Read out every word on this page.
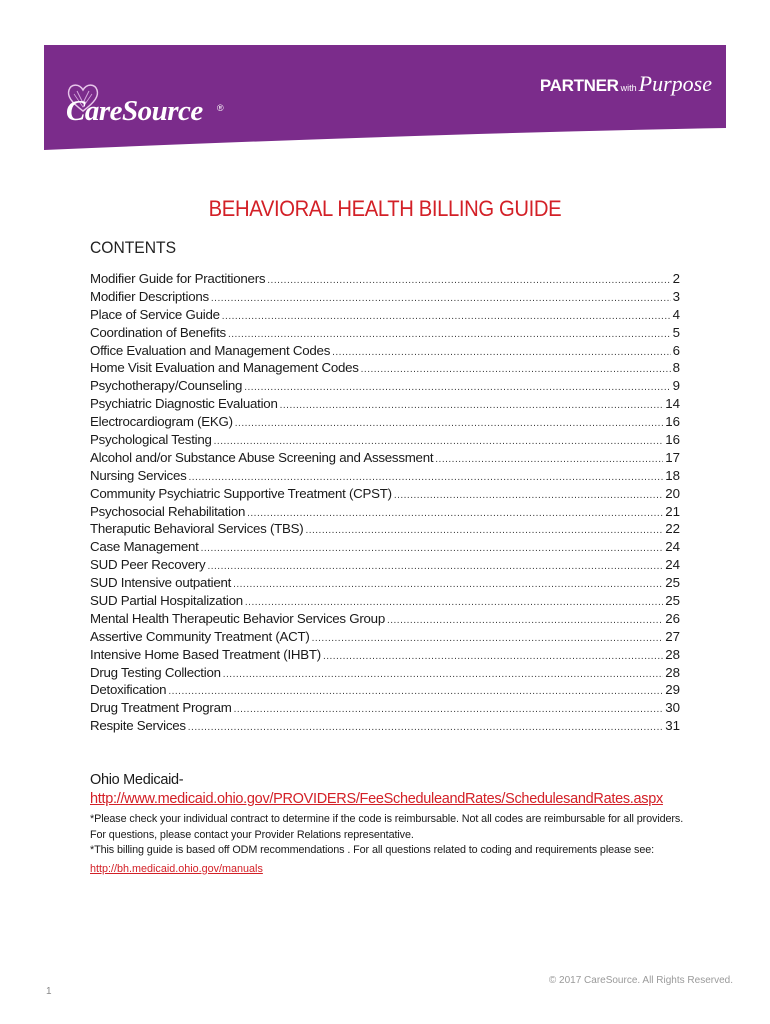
CareSource ®
PARTNER withPurpose
BEHAVIORAL HEALTH BILLING GUIDE
CONTENTS
Modifier Guide for Practitioners .....	2
Modifier Descriptions .....	3
Place of Service Guide .....	4
Coordination of Benefits .....	5
Office Evaluation and Management Codes .....	6
Home Visit Evaluation and Management Codes .....	8
Psychotherapy/Counseling .....	9
Psychiatric Diagnostic Evaluation .....	14
Electrocardiogram (EKG) .....	16
Psychological Testing .....	16
Alcohol and/or Substance Abuse Screening and Assessment .....	17
Nursing Services .....	18
Community Psychiatric Supportive Treatment (CPST) .....	20
Psychosocial Rehabilitation .....	21
Theraputic Behavioral Services (TBS) .....	22
Case Management .....	24
SUD Peer Recovery .....	24
SUD Intensive outpatient .....	25
SUD Partial Hospitalization .....	25
Mental Health Therapeutic Behavior Services Group .....	26
Assertive Community Treatment (ACT) .....	27
Intensive Home Based Treatment (IHBT) .....	28
Drug Testing Collection .....	28
Detoxification .....	29
Drug Treatment Program .....	30
Respite Services .....	31
Ohio Medicaid-
http://www.medicaid.ohio.gov/PROVIDERS/FeeScheduleandRates/SchedulesandRates.aspx
*Please check your individual contract to determine if the code is reimbursable. Not all codes are reimbursable for all providers.
For questions, please contact your Provider Relations representative.
*This billing guide is based off ODM recommendations . For all questions related to coding and requirements please see:
http://bh.medicaid.ohio.gov/manuals
1
© 2017 CareSource. All Rights Reserved.
